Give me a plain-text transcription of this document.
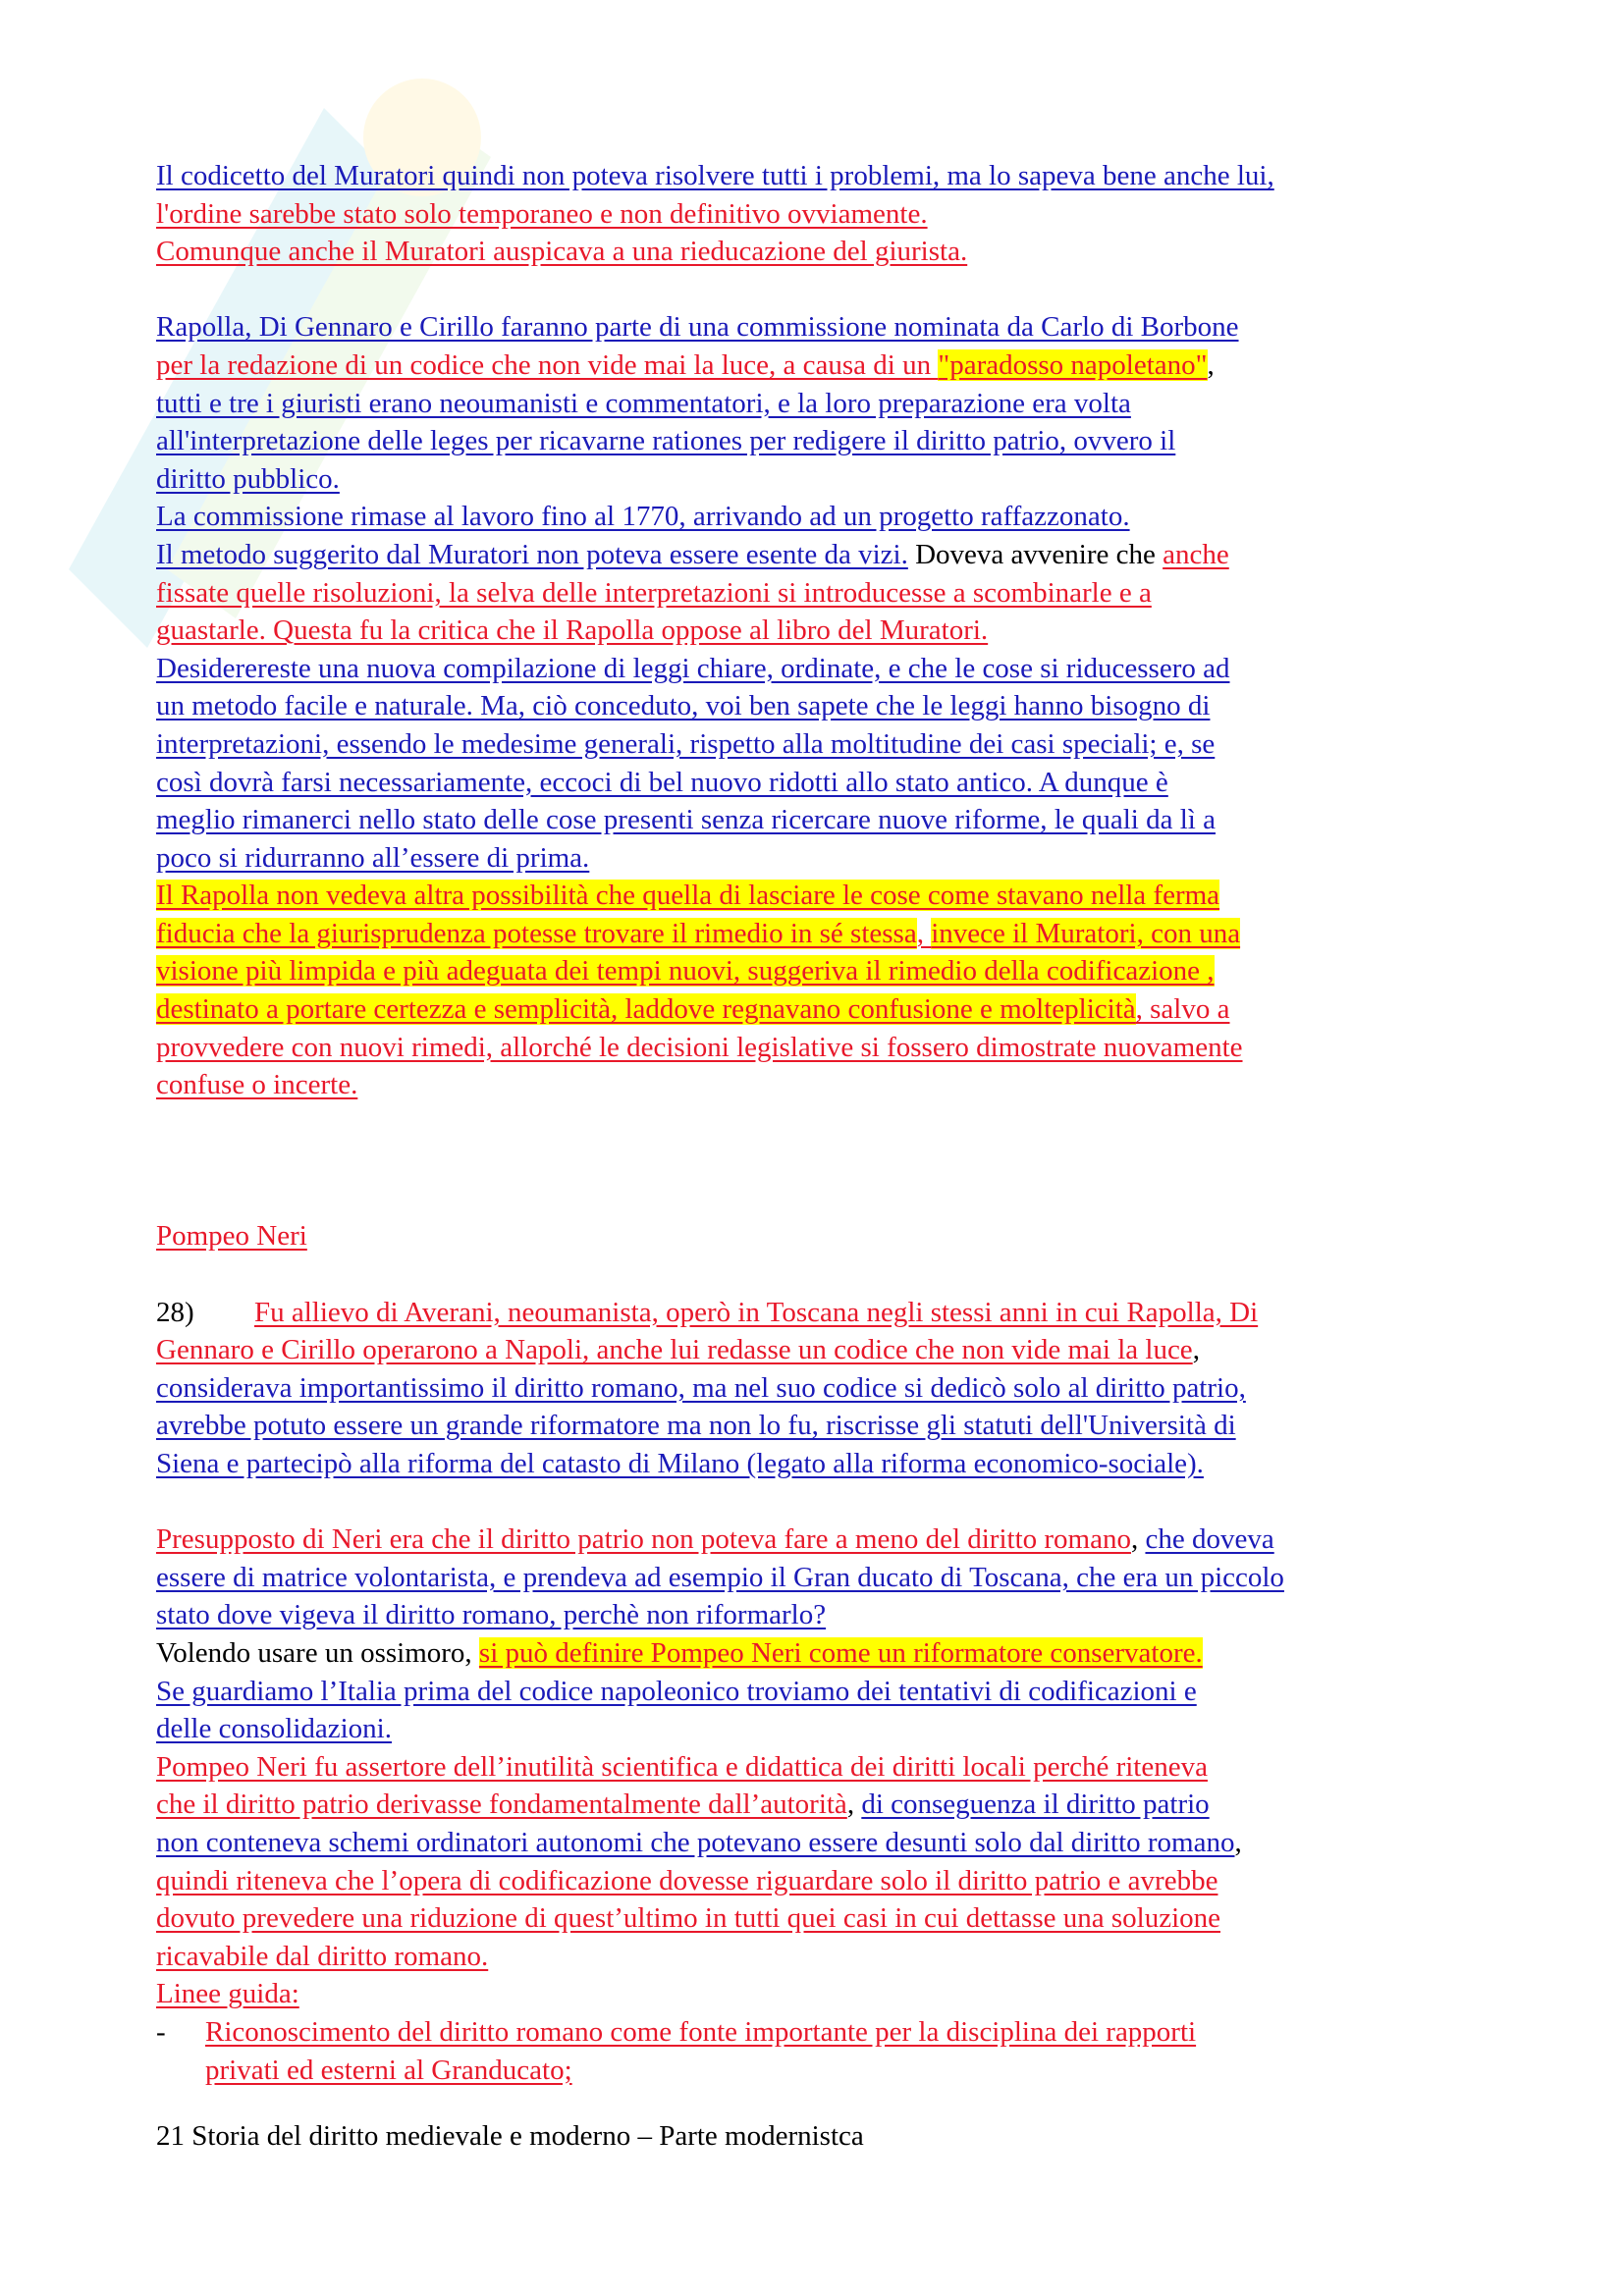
Il codicetto del Muratori quindi non poteva risolvere tutti i problemi, ma lo sapeva bene anche lui,
l'ordine sarebbe stato solo temporaneo e non definitivo ovviamente.
Comunque anche il Muratori auspicava a una rieducazione del giurista.

Rapolla, Di Gennaro e Cirillo faranno parte di una commissione nominata da Carlo di Borbone
per la redazione di un codice che non vide mai la luce, a causa di un "paradosso napoletano",
tutti e tre i giuristi erano neoumanisti e commentatori, e la loro preparazione era volta
all'interpretazione delle leges per ricavarne rationes per redigere il diritto patrio, ovvero il
diritto pubblico.
La commissione rimase al lavoro fino al 1770, arrivando ad un progetto raffazzonato.
Il metodo suggerito dal Muratori non poteva essere esente da vizi. Doveva avvenire che anche
fissate quelle risoluzioni, la selva delle interpretazioni si introducesse a scombinarle e a
guastarle. Questa fu la critica che il Rapolla oppose al libro del Muratori.
Desiderereste una nuova compilazione di leggi chiare, ordinate, e che le cose si riducessero ad
un metodo facile e naturale. Ma, ciò conceduto, voi ben sapete che le leggi hanno bisogno di
interpretazioni, essendo le medesime generali, rispetto alla moltitudine dei casi speciali; e, se
così dovrà farsi necessariamente, eccoci di bel nuovo ridotti allo stato antico. A dunque è
meglio rimanerci nello stato delle cose presenti senza ricercare nuove riforme, le quali da lì a
poco si ridurranno all’essere di prima.
Il Rapolla non vedeva altra possibilità che quella di lasciare le cose come stavano nella ferma
fiducia che la giurisprudenza potesse trovare il rimedio in sé stessa, invece il Muratori, con una
visione più limpida e più adeguata dei tempi nuovi, suggeriva il rimedio della codificazione ,
destinato a portare certezza e semplicità, laddove regnavano confusione e molteplicità, salvo a
provvedere con nuovi rimedi, allorché le decisioni legislative si fossero dimostrate nuovamente
confuse o incerte.

Pompeo Neri

28) Fu allievo di Averani, neoumanista, operò in Toscana negli stessi anni in cui Rapolla, Di
Gennaro e Cirillo operarono a Napoli, anche lui redasse un codice che non vide mai la luce,
considerava importantissimo il diritto romano, ma nel suo codice si dedicò solo al diritto patrio,
avrebbe potuto essere un grande riformatore ma non lo fu, riscrisse gli statuti dell'Università di
Siena e partecipò alla riforma del catasto di Milano (legato alla riforma economico-sociale).

Presupposto di Neri era che il diritto patrio non poteva fare a meno del diritto romano, che doveva
essere di matrice volontarista, e prendeva ad esempio il Gran ducato di Toscana, che era un piccolo
stato dove vigeva il diritto romano, perchè non riformarlo?
Volendo usare un ossimoro, si può definire Pompeo Neri come un riformatore conservatore.
Se guardiamo l’Italia prima del codice napoleonico troviamo dei tentativi di codificazioni e
delle consolidazioni.
Pompeo Neri fu assertore dell’inutilità scientifica e didattica dei diritti locali perché riteneva
che il diritto patrio derivasse fondamentalmente dall’autorità, di conseguenza il diritto patrio
non conteneva schemi ordinatori autonomi che potevano essere desunti solo dal diritto romano,
quindi riteneva che l’opera di codificazione dovesse riguardare solo il diritto patrio e avrebbe
dovuto prevedere una riduzione di quest’ultimo in tutti quei casi in cui dettasse una soluzione
ricavabile dal diritto romano.
Linee guida:

- Riconoscimento del diritto romano come fonte importante per la disciplina dei rapporti
privati ed esterni al Granducato;
21 Storia del diritto medievale e moderno – Parte modernistca
